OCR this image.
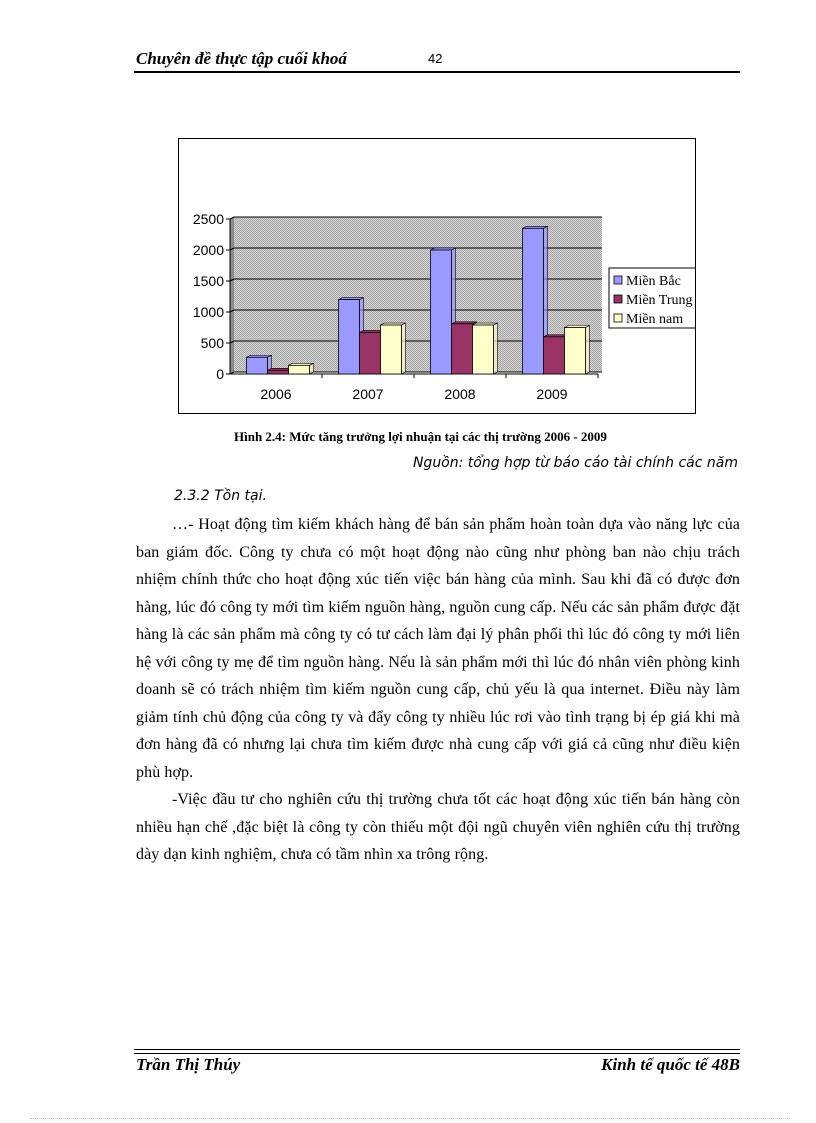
Chuyên đề thực tập cuối khoá	42
0
500
1000
1500
2000
2500
2006	2007	2008	2009
Miền Bắc
Miền Trung
Miền nam
Hình 2.4: Mức tăng trưởng lợi nhuận tại các thị trường 2006 - 2009
Nguồn: tổng hợp từ báo cáo tài chính các năm
2.3.2 Tồn tại.

…- Hoạt động tìm kiếm khách hàng để bán sản phẩm hoàn toàn dựa vào năng lực của ban giám đốc. Công ty chưa có một hoạt động nào cũng như phòng ban nào chịu trách nhiệm chính thức cho hoạt động xúc tiến việc bán hàng của mình. Sau khi đã có được đơn hàng, lúc đó công ty mới tìm kiếm nguồn hàng, nguồn cung cấp. Nếu các sản phẩm được đặt hàng là các sản phẩm mà công ty có tư cách làm đại lý phân phối thì lúc đó công ty mới liên hệ với công ty mẹ để tìm nguồn hàng. Nếu là sản phẩm mới thì lúc đó nhân viên phòng kinh doanh sẽ có trách nhiệm tìm kiếm nguồn cung cấp, chủ yếu là qua internet. Điều này làm giảm tính chủ động của công ty và đẩy công ty nhiều lúc rơi vào tình trạng bị ép giá khi mà đơn hàng đã có nhưng lại chưa tìm kiếm được nhà cung cấp với giá cả cũng như điều kiện phù hợp.

-Việc đầu tư cho nghiên cứu thị trường chưa tốt các hoạt động xúc tiến bán hàng còn nhiều hạn chế ,đặc biệt là công ty còn thiếu một đội ngũ chuyên viên nghiên cứu thị trường dày dạn kinh nghiệm, chưa có tầm nhìn xa trông rộng.

Trần Thị Thúy	Kinh tế quốc tế 48B
